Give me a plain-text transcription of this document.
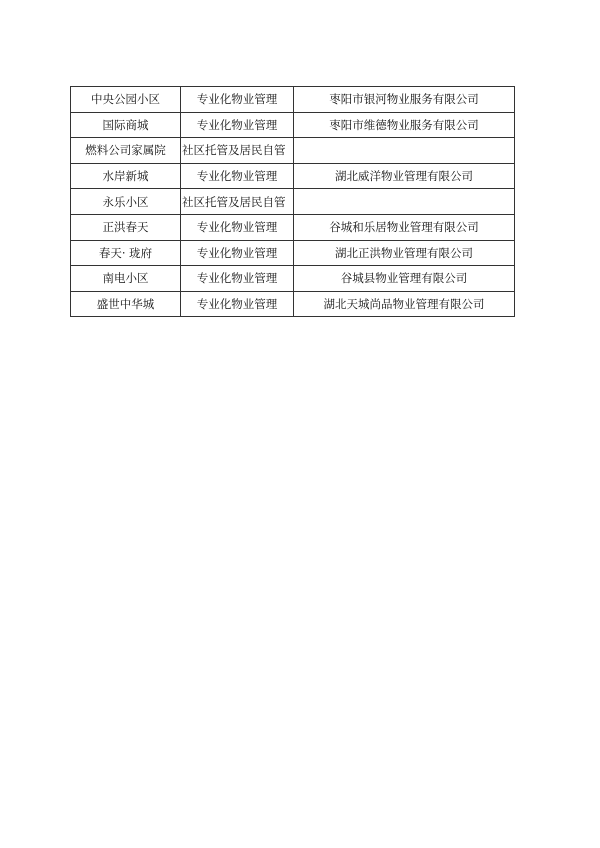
中央公园小区	专业化物业管理	枣阳市银河物业服务有限公司
国际商城	专业化物业管理	枣阳市维德物业服务有限公司
燃料公司家属院	社区托管及居民自管	
水岸新城	专业化物业管理	湖北威洋物业管理有限公司
永乐小区	社区托管及居民自管	
正洪春天	专业化物业管理	谷城和乐居物业管理有限公司
春天· 珑府	专业化物业管理	湖北正洪物业管理有限公司
南电小区	专业化物业管理	谷城县物业管理有限公司
盛世中华城	专业化物业管理	湖北天城尚品物业管理有限公司
